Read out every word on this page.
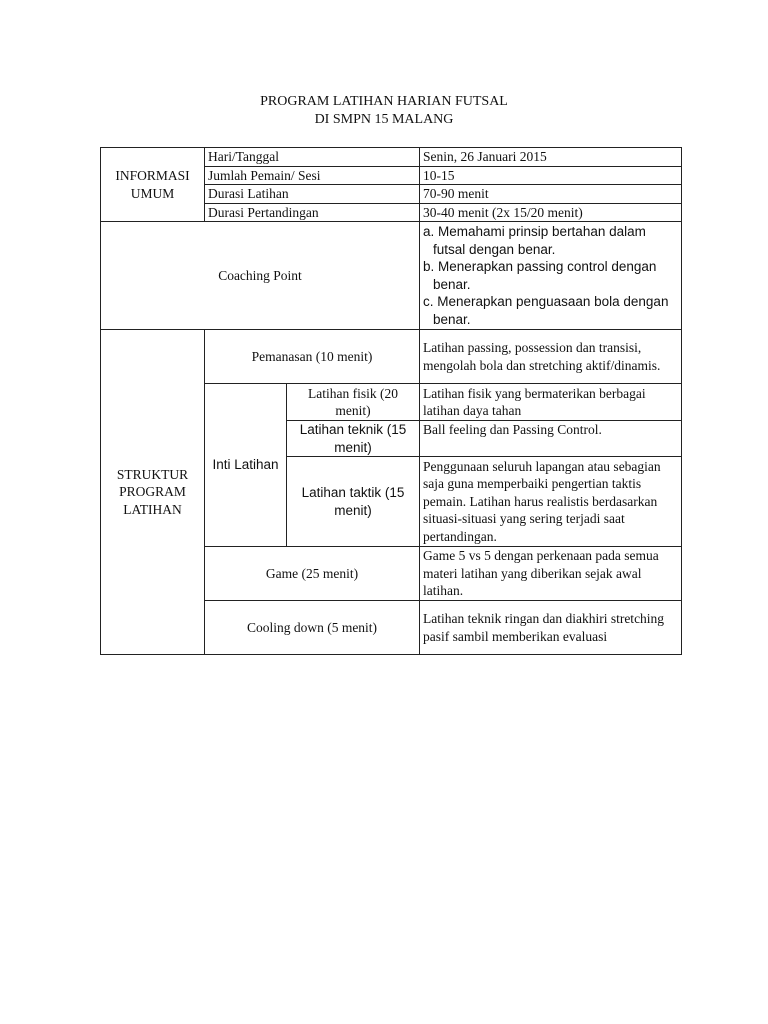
PROGRAM LATIHAN HARIAN FUTSAL
DI SMPN 15 MALANG
INFORMASI UMUM	Hari/Tanggal		Senin, 26 Januari 2015
	Jumlah Pemain/ Sesi		10-15
	Durasi Latihan		70-90 menit
	Durasi Pertandingan		30-40 menit (2x 15/20 menit)
Coaching Point			a. Memahami prinsip bertahan dalam futsal dengan benar.
b. Menerapkan passing control dengan benar.
c. Menerapkan penguasaan bola dengan benar.

STRUKTUR PROGRAM LATIHAN	Pemanasan (10 menit)		Latihan passing, possession dan transisi, mengolah bola dan stretching aktif/dinamis.
	Inti Latihan	Latihan fisik (20 menit)	Latihan fisik yang bermaterikan berbagai latihan daya tahan
		Latihan teknik (15 menit)	Ball feeling dan Passing Control.
		Latihan taktik (15 menit)	Penggunaan seluruh lapangan atau sebagian saja guna memperbaiki pengertian taktis pemain. Latihan harus realistis berdasarkan situasi-situasi yang sering terjadi saat pertandingan.
	Game (25 menit)		Game 5 vs 5 dengan perkenaan pada semua materi latihan yang diberikan sejak awal latihan.
	Cooling down (5 menit)		Latihan teknik ringan dan diakhiri stretching pasif sambil memberikan evaluasi
